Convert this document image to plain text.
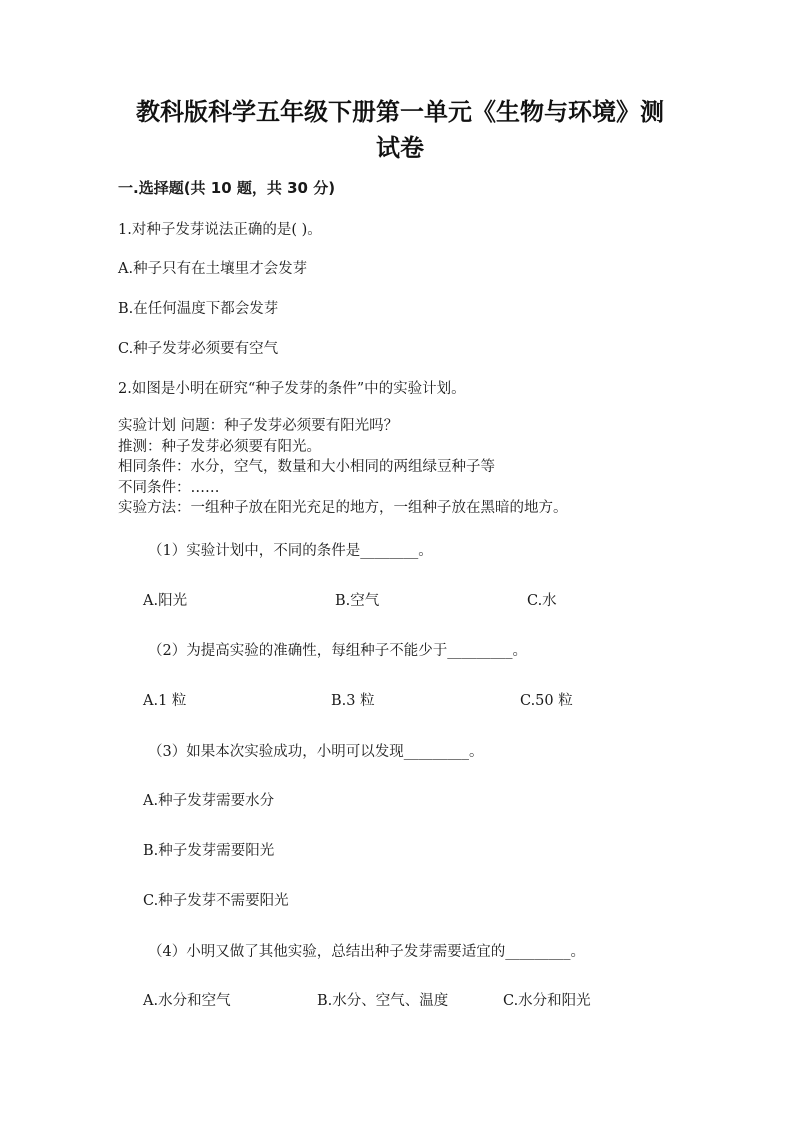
教科版科学五年级下册第一单元《生物与环境》测
试卷
一.选择题(共 10 题，共 30 分)
1.对种子发芽说法正确的是( )。
A.种子只有在土壤里才会发芽
B.在任何温度下都会发芽
C.种子发芽必须要有空气
2.如图是小明在研究“种子发芽的条件”中的实验计划。
实验计划 问题：种子发芽必须要有阳光吗？
推测：种子发芽必须要有阳光。
相同条件：水分，空气，数量和大小相同的两组绿豆种子等
不同条件：……
实验方法：一组种子放在阳光充足的地方，一组种子放在黑暗的地方。
（1）实验计划中，不同的条件是________。
A.阳光	B.空气	C.水
（2）为提高实验的准确性，每组种子不能少于_________。
A.1 粒	B.3 粒	C.50 粒
（3）如果本次实验成功，小明可以发现_________。
A.种子发芽需要水分
B.种子发芽需要阳光
C.种子发芽不需要阳光
（4）小明又做了其他实验，总结出种子发芽需要适宜的_________。
A.水分和空气	B.水分、空气、温度	C.水分和阳光
